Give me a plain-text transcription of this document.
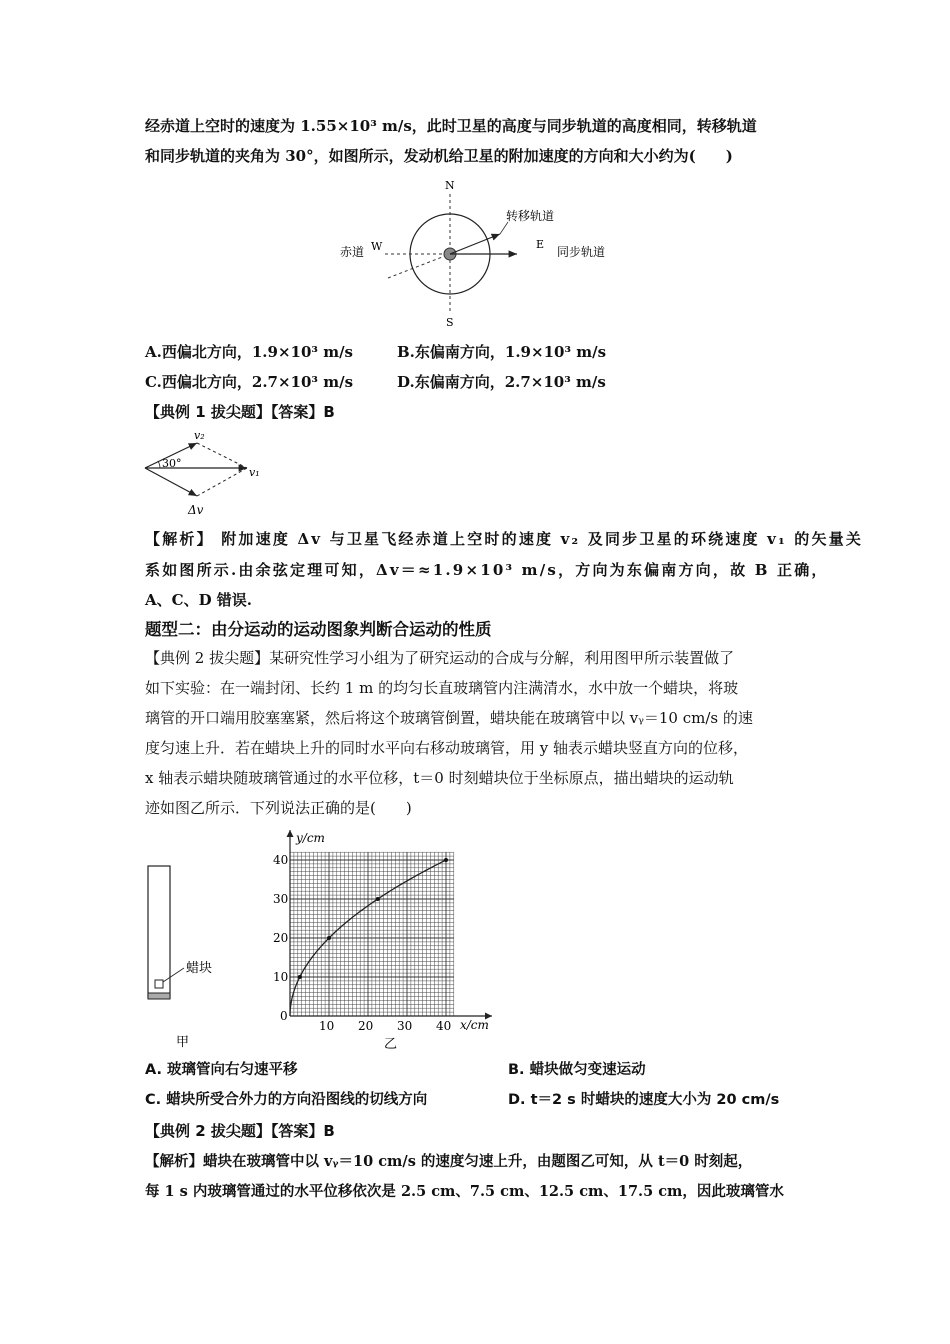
经赤道上空时的速度为 1.55×10³ m/s，此时卫星的高度与同步轨道的高度相同，转移轨道
和同步轨道的夹角为 30°，如图所示，发动机给卫星的附加速度的方向和大小约为(　　)
N
S
W	E
赤道
转移轨道
同步轨道
A.西偏北方向，1.9×10³ m/s	B.东偏南方向，1.9×10³ m/s
C.西偏北方向，2.7×10³ m/s	D.东偏南方向，2.7×10³ m/s
【典例 1 拔尖题】【答案】B
v₂
v₁
30°
Δv
【解析】 附加速度 Δv 与卫星飞经赤道上空时的速度 v₂ 及同步卫星的环绕速度 v₁ 的矢量关
系如图所示.由余弦定理可知，Δv＝≈1.9×10³ m/s，方向为东偏南方向，故 B 正确，
A、C、D 错误.
题型二：由分运动的运动图象判断合运动的性质
【典例 2 拔尖题】某研究性学习小组为了研究运动的合成与分解，利用图甲所示装置做了
如下实验：在一端封闭、长约 1 m 的均匀长直玻璃管内注满清水，水中放一个蜡块，将玻
璃管的开口端用胶塞塞紧，然后将这个玻璃管倒置，蜡块能在玻璃管中以 vᵧ＝10 cm/s 的速
度匀速上升．若在蜡块上升的同时水平向右移动玻璃管，用 y 轴表示蜡块竖直方向的位移，
x 轴表示蜡块随玻璃管通过的水平位移，t＝0 时刻蜡块位于坐标原点，描出蜡块的运动轨
迹如图乙所示．下列说法正确的是(　　)
蜡块
甲
y/cm
x/cm
0
10
20
30
40
10 20 30 40
乙
A. 玻璃管向右匀速平移	B. 蜡块做匀变速运动
C. 蜡块所受合外力的方向沿图线的切线方向	D. t＝2 s 时蜡块的速度大小为 20 cm/s
【典例 2 拔尖题】【答案】B
【解析】蜡块在玻璃管中以 vᵧ＝10 cm/s 的速度匀速上升，由题图乙可知，从 t＝0 时刻起，
每 1 s 内玻璃管通过的水平位移依次是 2.5 cm、7.5 cm、12.5 cm、17.5 cm，因此玻璃管水
